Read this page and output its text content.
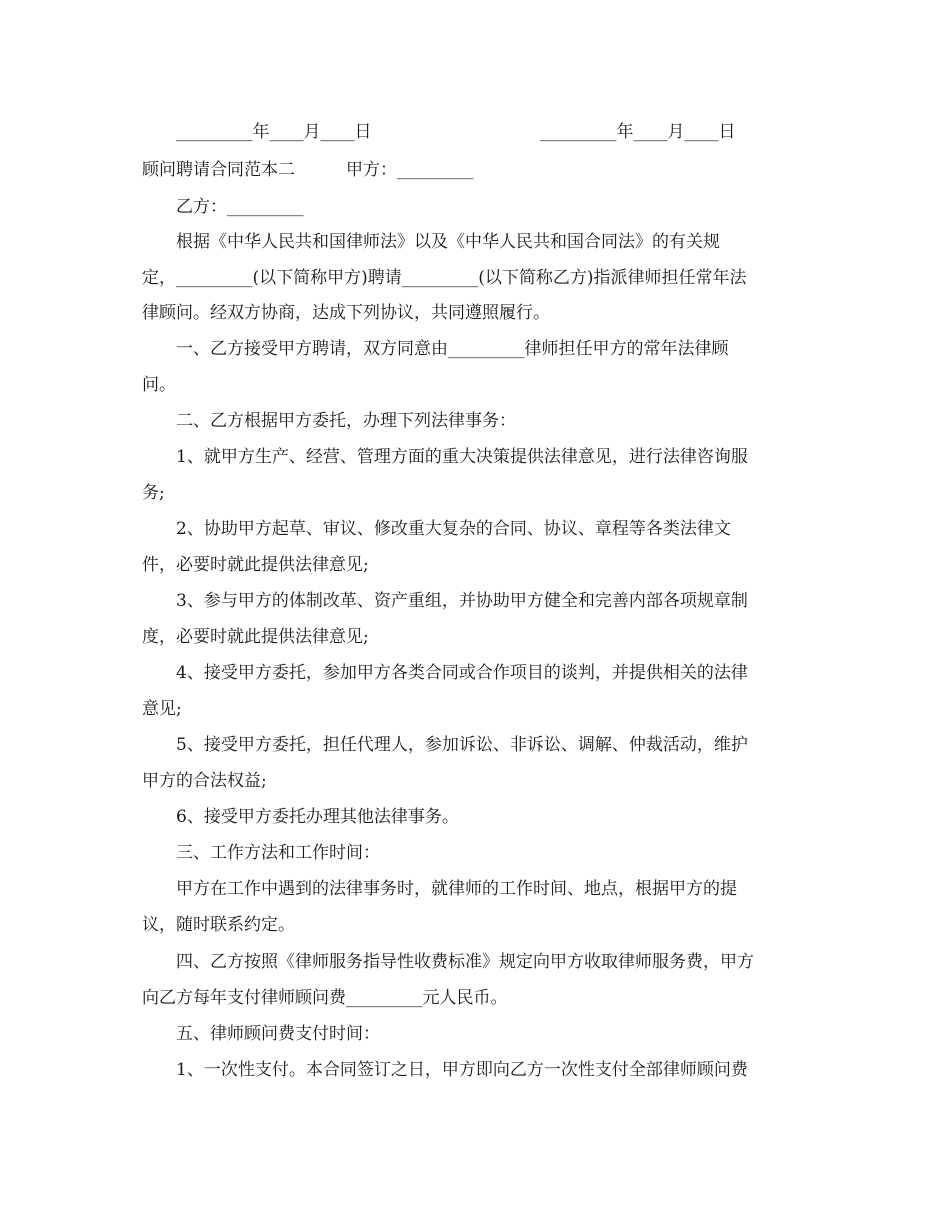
_________年____月____日	_________年____月____日
顾问聘请合同范本二	甲方：_________
乙方：_________
根据《中华人民共和国律师法》以及《中华人民共和国合同法》的有关规
定，_________(以下简称甲方)聘请_________(以下简称乙方)指派律师担任常年法
律顾问。经双方协商，达成下列协议，共同遵照履行。
一、乙方接受甲方聘请，双方同意由_________律师担任甲方的常年法律顾
问。
二、乙方根据甲方委托，办理下列法律事务：
1、就甲方生产、经营、管理方面的重大决策提供法律意见，进行法律咨询服
务;
2、协助甲方起草、审议、修改重大复杂的合同、协议、章程等各类法律文
件，必要时就此提供法律意见;
3、参与甲方的体制改革、资产重组，并协助甲方健全和完善内部各项规章制
度，必要时就此提供法律意见;
4、接受甲方委托，参加甲方各类合同或合作项目的谈判，并提供相关的法律
意见;
5、接受甲方委托，担任代理人，参加诉讼、非诉讼、调解、仲裁活动，维护
甲方的合法权益;
6、接受甲方委托办理其他法律事务。
三、工作方法和工作时间：
甲方在工作中遇到的法律事务时，就律师的工作时间、地点，根据甲方的提
议，随时联系约定。
四、乙方按照《律师服务指导性收费标准》规定向甲方收取律师服务费，甲方
向乙方每年支付律师顾问费_________元人民币。
五、律师顾问费支付时间：
1、一次性支付。本合同签订之日，甲方即向乙方一次性支付全部律师顾问费
